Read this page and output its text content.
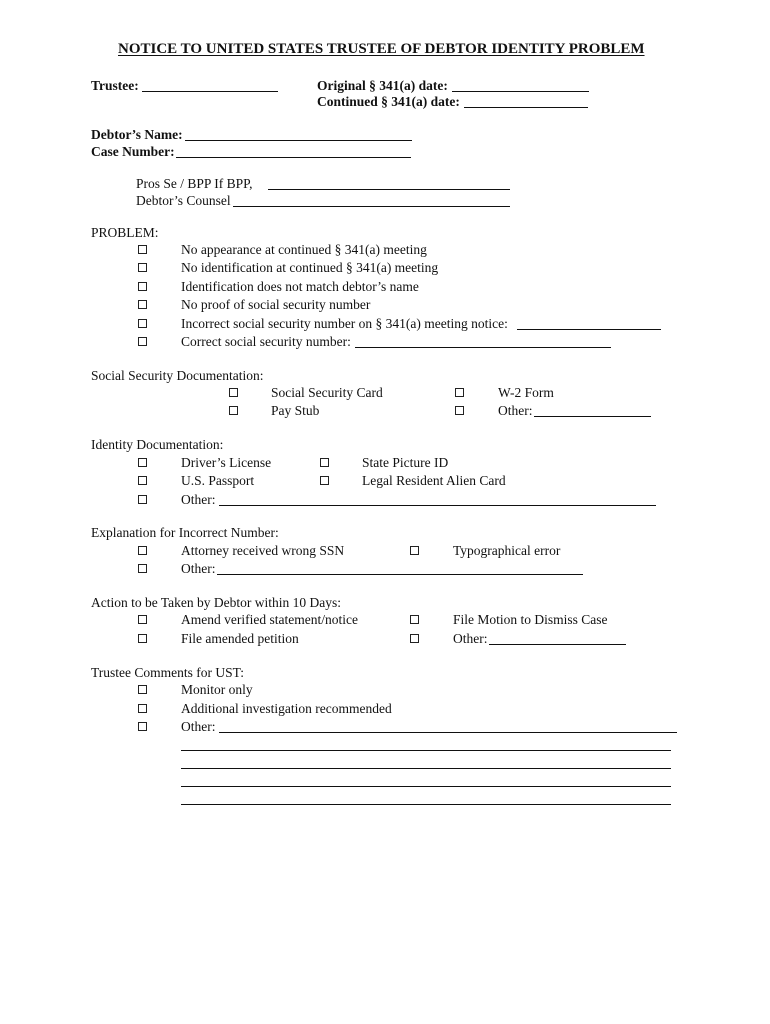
NOTICE TO UNITED STATES TRUSTEE OF DEBTOR IDENTITY PROBLEM
Trustee:	Original § 341(a) date:
Continued § 341(a) date:
Debtor’s Name:
Case Number:
Pros Se / BPP If BPP,
Debtor’s Counsel
PROBLEM:
No appearance at continued § 341(a) meeting
No identification at continued § 341(a) meeting
Identification does not match debtor’s name
No proof of social security number
Incorrect social security number on § 341(a) meeting notice:
Correct social security number:
Social Security Documentation:
Social Security Card	W-2 Form
Pay Stub	Other:
Identity Documentation:
Driver’s License	State Picture ID
U.S. Passport	Legal Resident Alien Card
Other:
Explanation for Incorrect Number:
Attorney received wrong SSN	Typographical error
Other:
Action to be Taken by Debtor within 10 Days:
Amend verified statement/notice	File Motion to Dismiss Case
File amended petition	Other:
Trustee Comments for UST:
Monitor only
Additional investigation recommended
Other:
